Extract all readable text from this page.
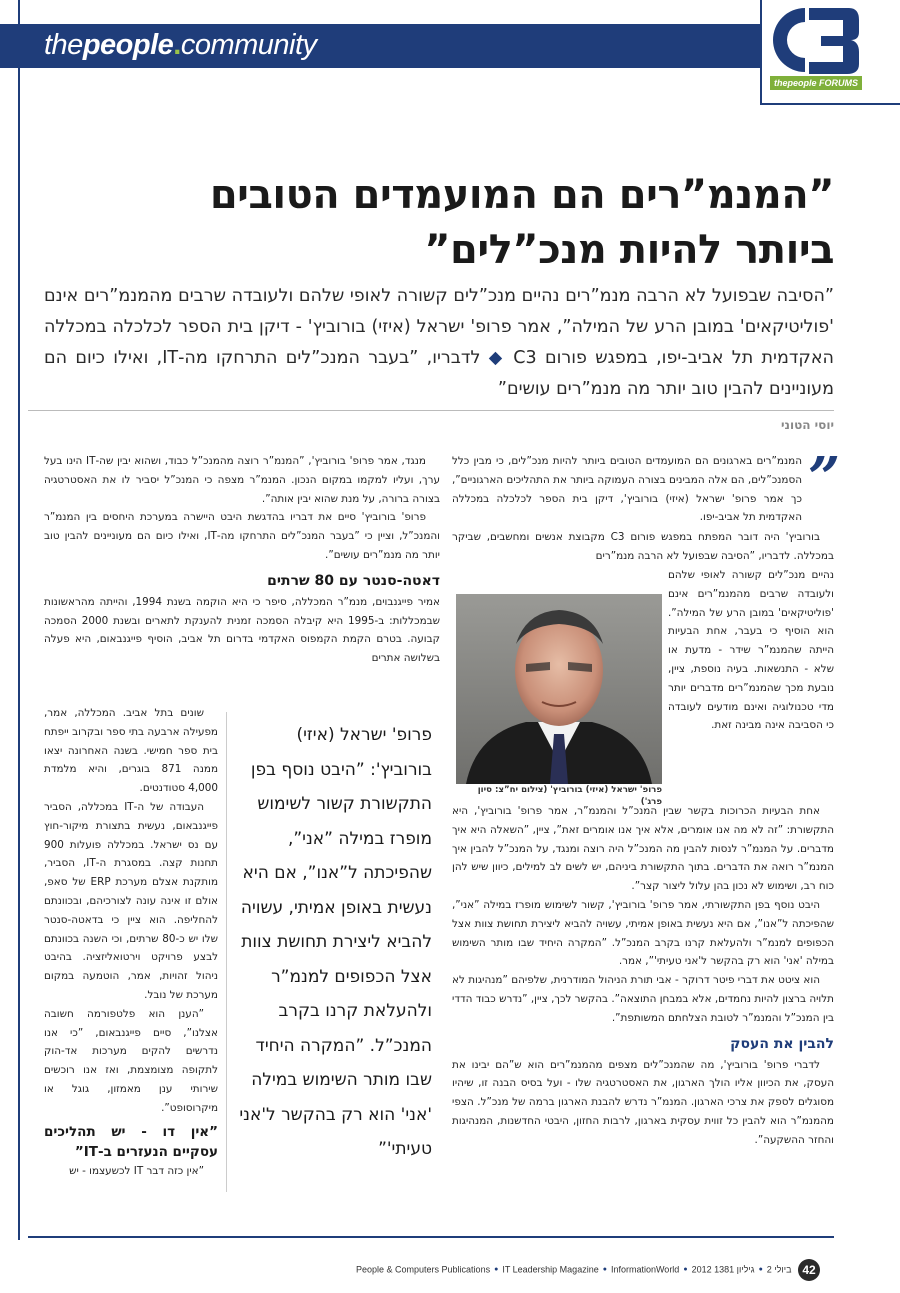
thepeople.community
thepeople FORUMS
”המנמ”רים הם המועמדים הטובים
ביותר להיות מנכ”לים”
”הסיבה שבפועל לא הרבה מנמ”רים נהיים מנכ”לים קשורה לאופי שלהם ולעובדה שרבים מהמנמ”רים אינם 'פוליטיקאים' במובן הרע של המילה”, אמר פרופ' ישראל (איזי) בורוביץ' - דיקן בית הספר לכלכלה במכללה האקדמית תל אביב-יפו, במפגש פורום C3 ◆ לדבריו, ”בעבר המנכ”לים התרחקו מה-IT, ואילו כיום הם מעוניינים להבין טוב יותר מה מנמ”רים עושים”
יוסי הטוני
”

המנמ”רים בארגונים הם המועמדים הטובים ביותר להיות מנכ”לים, כי מבין כלל הסמנכ”לים, הם אלה המבינים בצורה העמוקה ביותר את התהליכים הארגוניים”, כך אמר פרופ' ישראל (איזי) בורוביץ', דיקן בית הספר לכלכלה במכללה האקדמית תל אביב-יפו.

בורוביץ' היה דובר המפתח במפגש פורום C3 מקבוצת אנשים ומחשבים, שביקר במכללה. לדבריו, ”הסיבה שבפועל לא הרבה מנמ”רים

פרופ' ישראל (איזי) בורוביץ' (צילום יח”צ: סיון פרג')
נהיים מנכ”לים קשורה לאופי שלהם ולעובדה שרבים מהמנמ”רים אינם 'פוליטיקאים' במובן הרע של המילה”. הוא הוסיף כי בעבר, אחת הבעיות הייתה שהמנמ”ר שידר - מדעת או שלא - התנשאות. בעיה נוספת, ציין, נובעת מכך שהמנמ”רים מדברים יותר מדי טכנולוגיה ואינם מודעים לעובדה כי הסביבה אינה מבינה זאת.

אחת הבעיות הכרוכות בקשר שבין המנכ”ל והמנמ”ר, אמר פרופ' בורוביץ', היא התקשורת: ”זה לא מה אנו אומרים, אלא איך אנו אומרים זאת”, ציין, ”השאלה היא איך מדברים. על המנמ”ר לנסות להבין מה המנכ”ל היה רוצה ומנגד, על המנכ”ל להבין איך המנמ”ר רואה את הדברים. בתוך התקשורת ביניהם, יש לשים לב למילים, כיוון שיש להן כוח רב, ושימוש לא נכון בהן עלול ליצור קצר”.

היבט נוסף בפן התקשורתי, אמר פרופ' בורוביץ', קשור לשימוש מופרז במילה ”אני”, שהפיכתה ל”אנו”, אם היא נעשית באופן אמיתי, עשויה להביא ליצירת תחושת צוות אצל הכפופים למנמ”ר ולהעלאת קרנו בקרב המנכ”ל. ”המקרה היחיד שבו מותר השימוש במילה 'אני' הוא רק בהקשר ל'אני טעיתי'”, אמר.

הוא ציטט את דברי פיטר דרוקר - אבי תורת הניהול המודרנית, שלפיהם ”מנהיגות לא תלויה ברצון להיות נחמדים, אלא במבחן התוצאה”. בהקשר לכך, ציין, ”נדרש כבוד הדדי בין המנכ”ל והמנמ”ר לטובת הצלחתם המשותפת”.

להבין את העסק

לדברי פרופ' בורוביץ', מה שהמנכ”לים מצפים מהמנמ”רים הוא ש”הם יבינו את העסק, את הכיוון אליו הולך הארגון, את האסטרטגיה שלו - ועל בסיס הבנה זו, שיהיו מסוגלים לספק את צרכי הארגון. המנמ”ר נדרש להבנת הארגון ברמה של מנכ”ל. הצפי מהמנמ”ר הוא להבין כל זווית עסקית בארגון, לרבות החזון, היבטי החדשנות, המנהיגות והחזר ההשקעה”.

מנגד, אמר פרופ' בורוביץ', ”המנמ”ר רוצה מהמנכ”ל כבוד, ושהוא יבין שה-IT הינו בעל ערך, ועליו למקמו במקום הנכון. המנמ”ר מצפה כי המנכ”ל יסביר לו את האסטרטגיה בצורה ברורה, על מנת שהוא יבין אותה”.

פרופ' בורוביץ' סיים את דבריו בהדגשת היבט היישרה במערכת היחסים בין המנמ”ר והמנכ”ל, וציין כי ”בעבר המנכ”לים התרחקו מה-IT, ואילו כיום הם מעוניינים להבין טוב יותר מה מנמ”רים עושים”.

דאטה-סנטר עם 80 שרתים

אמיר פייגנבוים, מנמ”ר המכללה, סיפר כי היא הוקמה בשנת 1994, והייתה מהראשונות שבמכללות: ב-1995 היא קיבלה הסמכה זמנית להענקת לתארים ובשנת 2000 הסמכה קבועה. בטרם הקמת הקמפוס האקדמי בדרום תל אביב, הוסיף פייגנבאום, היא פעלה בשלושה אתרים

פרופ' ישראל (איזי) בורוביץ': ”היבט נוסף בפן התקשורת קשור לשימוש מופרז במילה ”אני”, שהפיכתה ל”אנו”, אם היא נעשית באופן אמיתי, עשויה להביא ליצירת תחושת צוות אצל הכפופים למנמ”ר ולהעלאת קרנו בקרב המנכ”ל. ”המקרה היחיד שבו מותר השימוש במילה 'אני' הוא רק בהקשר ל'אני טעיתי'”

שונים בתל אביב. המכללה, אמר, מפעילה ארבעה בתי ספר ובקרוב ייפתח בית ספר חמישי. בשנה האחרונה יצאו ממנה 871 בוגרים, והיא מלמדת 4,000 סטודנטים.

העבודה של ה-IT במכללה, הסביר פייגנבאום, נעשית בתצורת מיקור-חוץ עם נס ישראל. במכללה פועלות 900 תחנות קצה. במסגרת ה-IT, הסביר, מותקנת אצלם מערכת ERP של סאפ, אולם זו אינה עונה לצורכיהם, ובכוונתם להחליפה. הוא ציין כי בדאטה-סנטר שלו יש כ-80 שרתים, וכי השנה בכוונתם לבצע פרויקט וירטואליזציה. בהיבט ניהול זהויות, אמר, הוטמעה במקום מערכת של נובל.

”הענן הוא פלטפורמה חשובה אצלנו”, סיים פייגנבאום, ”כי אנו נדרשים להקים מערכות אד-הוק לתקופה מצומצמת, ואז אנו רוכשים שירותי ענן מאמזון, גוגל או מיקרוסופט”.

”אין דו - יש תהליכים עסקיים הנעזרים ב-IT”

”אין כזה דבר IT לכשעצמו - יש

People & Computers Publications ● IT Leadership Magazine ● InformationWorld ● 2012 ביולי 2●גיליון 1381	42
